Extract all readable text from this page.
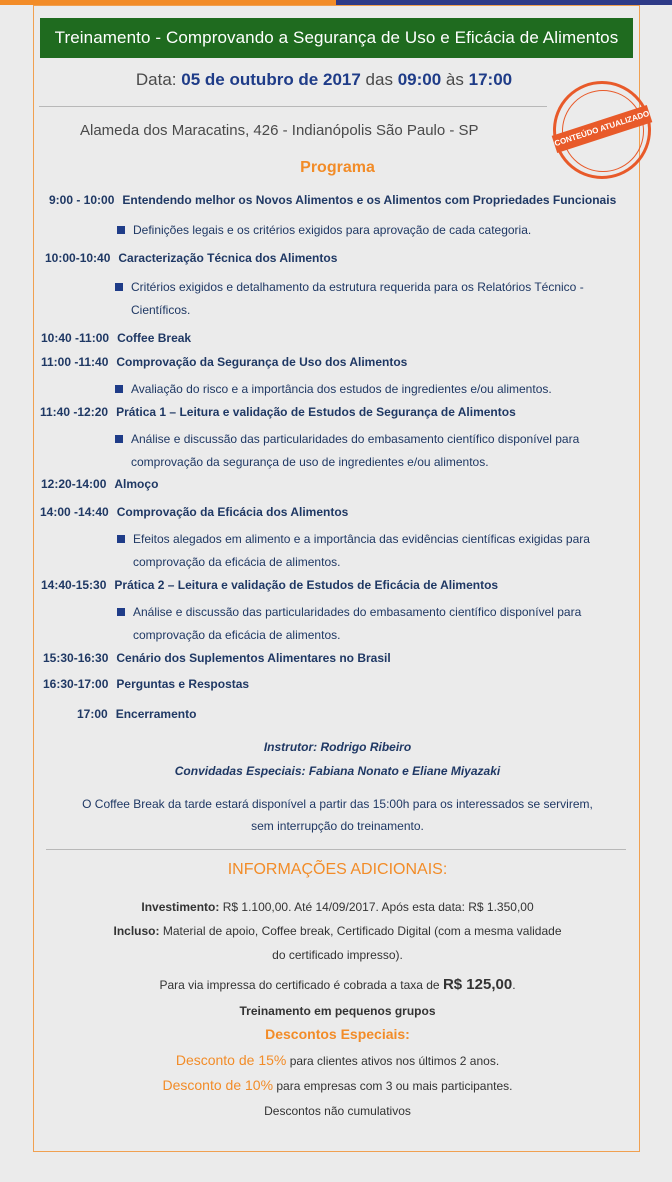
Treinamento - Comprovando a Segurança de Uso e Eficácia de Alimentos
Data: 05 de outubro de 2017 das 09:00 às 17:00
Alameda dos Maracatins, 426 - Indianópolis São Paulo - SP	CONTEÚDO ATUALIZADO
Programa
9:00 - 10:00 Entendendo melhor os Novos Alimentos e os Alimentos com Propriedades Funcionais
Definições legais e os critérios exigidos para aprovação de cada categoria.
10:00-10:40 Caracterização Técnica dos Alimentos
Critérios exigidos e detalhamento da estrutura requerida para os Relatórios Técnico -
Científicos.
10:40 -11:00 Coffee Break
11:00 -11:40 Comprovação da Segurança de Uso dos Alimentos
Avaliação do risco e a importância dos estudos de ingredientes e/ou alimentos.
11:40 -12:20 Prática 1 – Leitura e validação de Estudos de Segurança de Alimentos
Análise e discussão das particularidades do embasamento científico disponível para
comprovação da segurança de uso de ingredientes e/ou alimentos.
12:20-14:00 Almoço
14:00 -14:40 Comprovação da Eficácia dos Alimentos
Efeitos alegados em alimento e a importância das evidências científicas exigidas para
comprovação da eficácia de alimentos.
14:40-15:30 Prática 2 – Leitura e validação de Estudos de Eficácia de Alimentos
Análise e discussão das particularidades do embasamento científico disponível para
comprovação da eficácia de alimentos.
15:30-16:30 Cenário dos Suplementos Alimentares no Brasil
16:30-17:00 Perguntas e Respostas
17:00 Encerramento
Instrutor: Rodrigo Ribeiro
Convidadas Especiais: Fabiana Nonato e Eliane Miyazaki
O Coffee Break da tarde estará disponível a partir das 15:00h para os interessados se servirem,
sem interrupção do treinamento.
INFORMAÇÕES ADICIONAIS:
Investimento: R$ 1.100,00. Até 14/09/2017. Após esta data: R$ 1.350,00
Incluso: Material de apoio, Coffee break, Certificado Digital (com a mesma validade
do certificado impresso).
Para via impressa do certificado é cobrada a taxa de R$ 125,00.
Treinamento em pequenos grupos
Descontos Especiais:
Desconto de 15% para clientes ativos nos últimos 2 anos.
Desconto de 10% para empresas com 3 ou mais participantes.
Descontos não cumulativos
